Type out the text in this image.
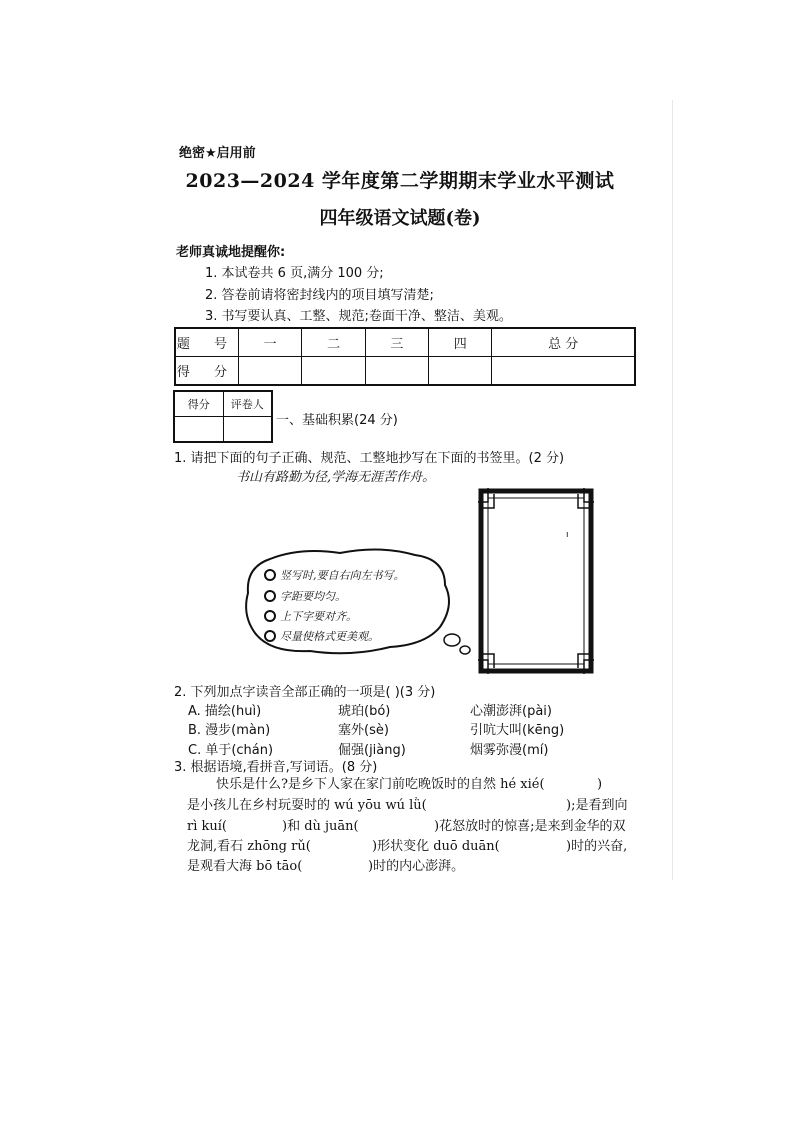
绝密★启用前
2023—2024 学年度第二学期期末学业水平测试
四年级语文试题(卷)
老师真诚地提醒你:
1. 本试卷共 6 页,满分 100 分;
2. 答卷前请将密封线内的项目填写清楚;
3. 书写要认真、工整、规范;卷面干净、整洁、美观。
题 号	一	二	三	四	总 分
得 分					
得分	评卷人

一、基础积累(24 分)
1. 请把下面的句子正确、规范、工整地抄写在下面的书签里。(2 分)
书山有路勤为径,学海无涯苦作舟。
竖写时,要自右向左书写。
字距要均匀。
上下字要对齐。
尽量使格式更美观。
ı
2. 下列加点字读音全部正确的一项是( )(3 分)
A. 描绘(huì)	琥珀(bó)	心潮澎湃(pài)
B. 漫步(màn)	塞外(sè)	引吭大叫(kēng)
C. 单于(chán)	倔强(jiàng)	烟雾弥漫(mí)
3. 根据语境,看拼音,写词语。(8 分)
快乐是什么?是乡下人家在家门前吃晚饭时的自然 hé xié(	)
是小孩儿在乡村玩耍时的 wú yōu wú lǜ(	);是看到向
rì kuí(	)和 dù juān(	)花怒放时的惊喜;是来到金华的双
龙洞,看石 zhōng rǔ(	)形状变化 duō duān(	)时的兴奋,
是观看大海 bō tāo(	)时的内心澎湃。
